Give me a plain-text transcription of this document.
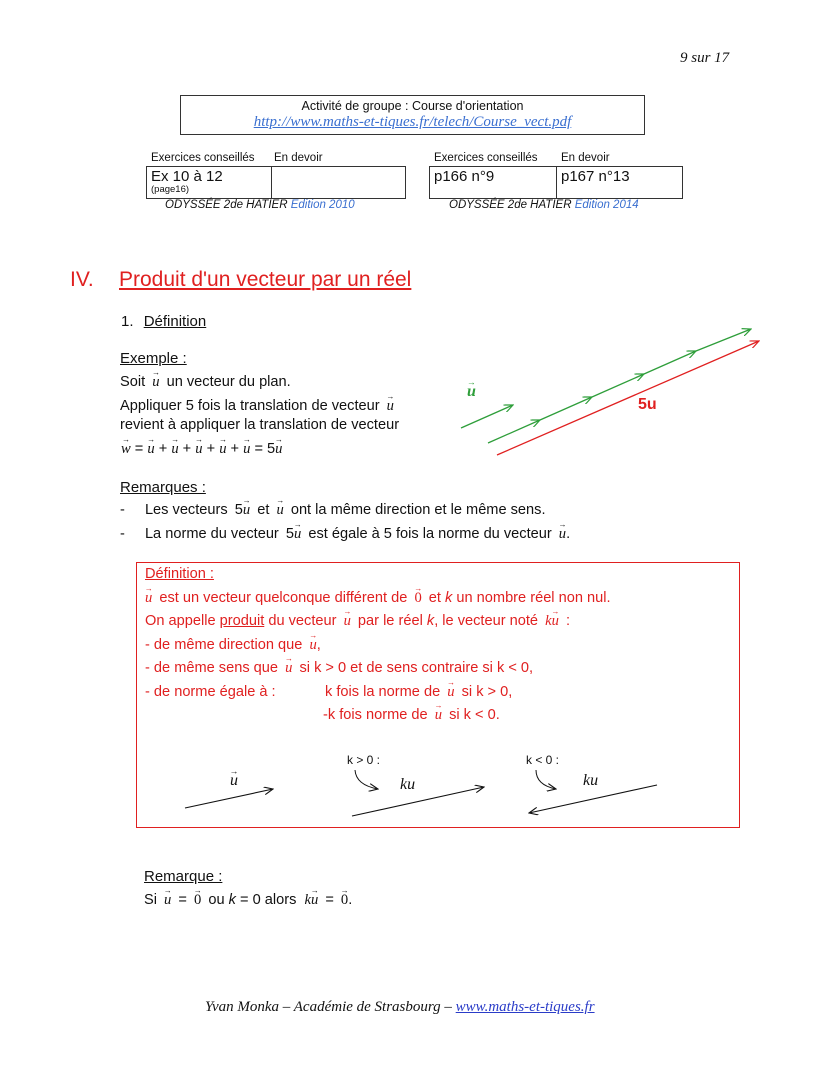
9 sur 17
Activité de groupe : Course d'orientation
http://www.maths-et-tiques.fr/telech/Course_vect.pdf
Exercices conseillés En devoir
Ex 10 à 12
(page16)
ODYSSÉE 2de HATIER Edition 2010
Exercices conseillés En devoir
p166 n°9	p167 n°13
ODYSSÉE 2de HATIER Edition 2014
IV. Produit d'un vecteur par un réel
1. Définition
Exemple :
Soit → u un vecteur du plan.
Appliquer 5 fois la translation de vecteur → u
revient à appliquer la translation de vecteur
→ w = → u + → u + → u + → u + → u = 5→ u
→ u
5u
Remarques :
- Les vecteurs 5→ u et → u ont la même direction et le même sens.
- La norme du vecteur 5→ u est égale à 5 fois la norme du vecteur → u.
Définition :
→ u est un vecteur quelconque différent de → 0 et k un nombre réel non nul.
On appelle produit du vecteur → u par le réel k, le vecteur noté k→ u :
- de même direction que → u,
- de même sens que → u si k > 0 et de sens contraire si k < 0,
- de norme égale à :	k fois la norme de → u si k > 0,
-k fois norme de → u si k < 0.
→ u
k > 0 :	k < 0 :
ku	ku
Remarque :
Si → u = → 0 ou k = 0 alors k→ u = → 0.
Yvan Monka – Académie de Strasbourg – www.maths-et-tiques.fr
